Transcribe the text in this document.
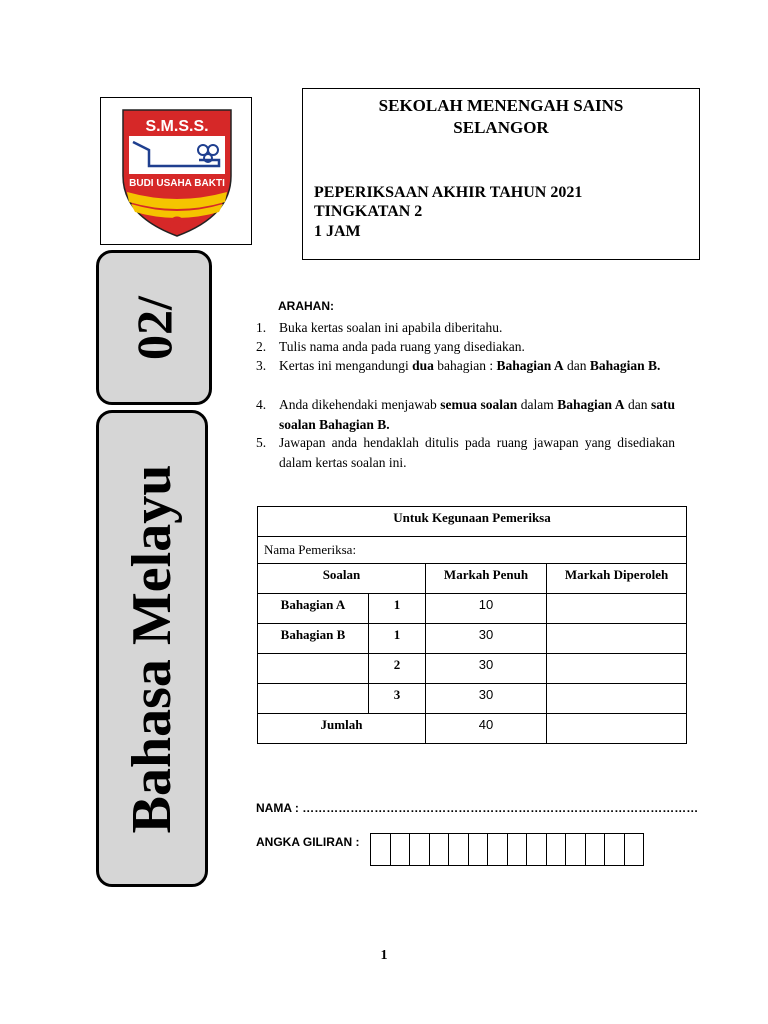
S.M.S.S.
BUDI USAHA BAKTI
SEKOLAH MENENGAH SAINS
SELANGOR
PEPERIKSAAN AKHIR TAHUN 2021
TINGKATAN 2
1 JAM
02/
Bahasa Melayu
ARAHAN:
1. Buka kertas soalan ini apabila diberitahu.
2. Tulis nama anda pada ruang yang disediakan.
3. Kertas ini mengandungi dua bahagian : Bahagian A dan Bahagian B.
4. Anda dikehendaki menjawab semua soalan dalam Bahagian A dan satu soalan Bahagian B.
5. Jawapan anda hendaklah ditulis pada ruang jawapan yang disediakan dalam kertas soalan ini.
Untuk Kegunaan Pemeriksa			
Nama Pemeriksa:			
Soalan		Markah Penuh	Markah Diperoleh
Bahagian A	1	10	
Bahagian B	1	30	
	2	30	
	3	30	
Jumlah		40	
NAMA : ………………………………………………………………………………………
ANGKA GILIRAN :
1
